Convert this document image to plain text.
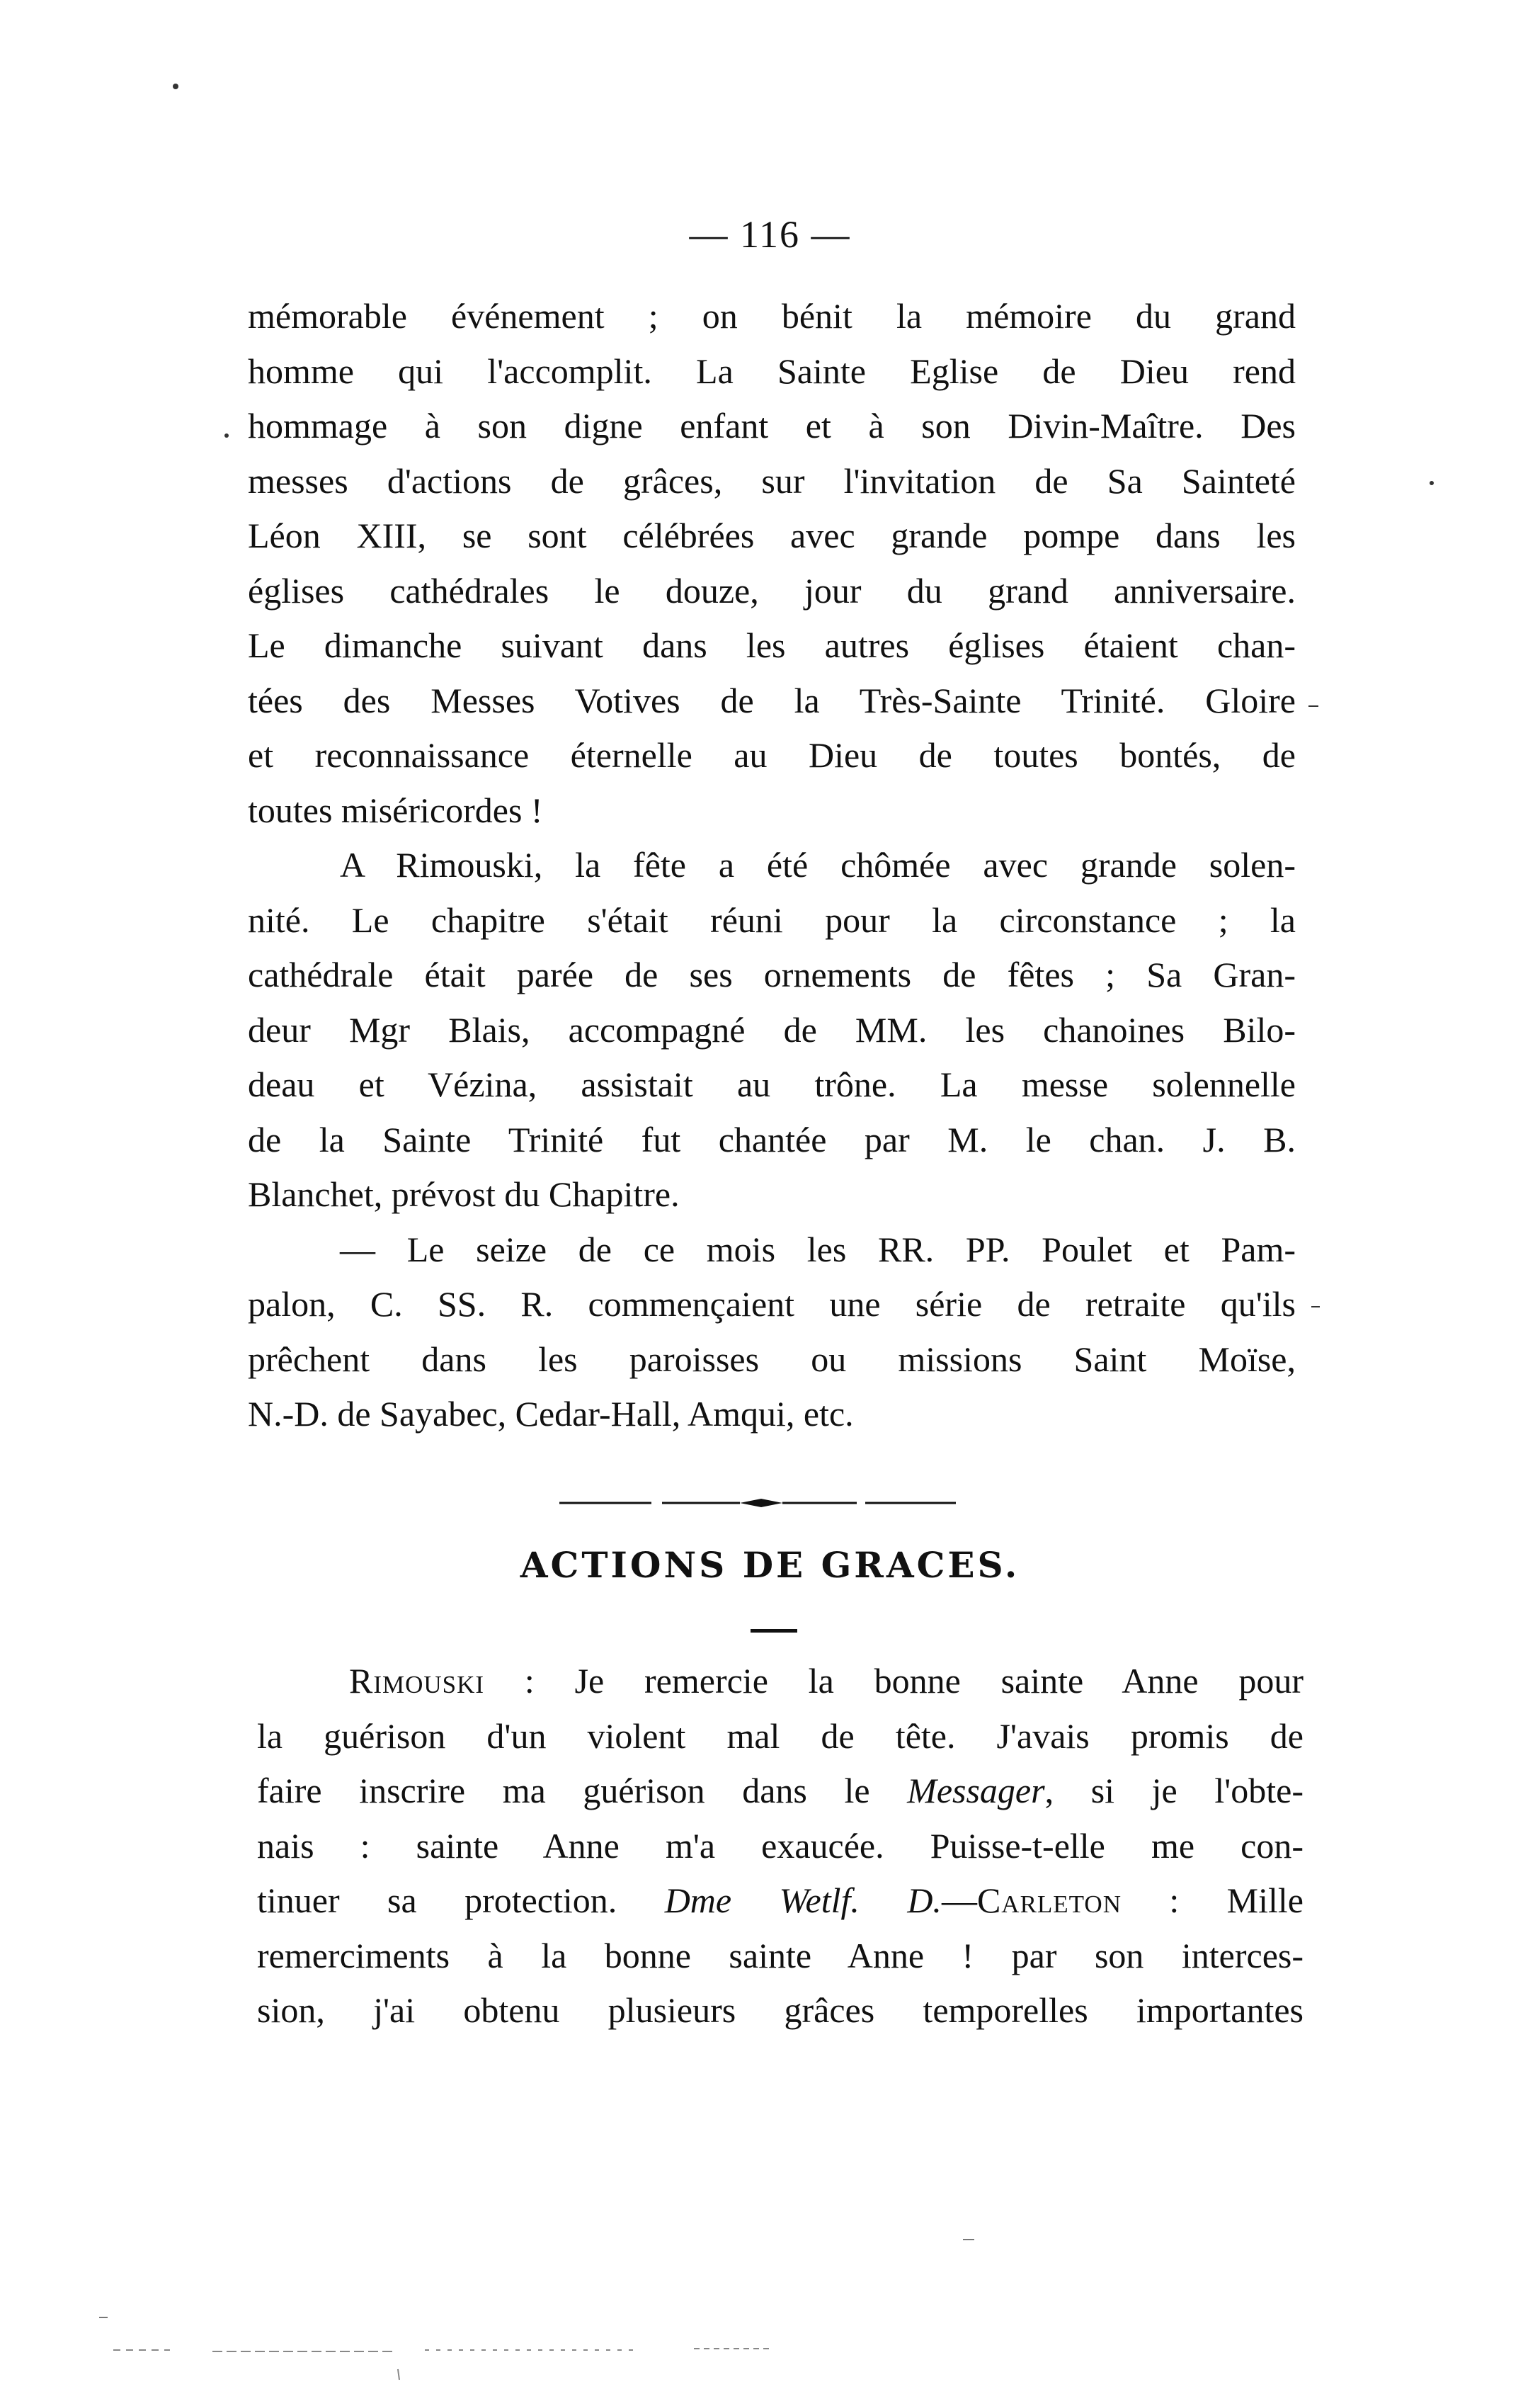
— 116 —
mémorable événement ; on bénit la mémoire du grand
homme qui l'accomplit. La Sainte Eglise de Dieu rend
hommage à son digne enfant et à son Divin-Maître. Des
messes d'actions de grâces, sur l'invitation de Sa Sainteté
Léon XIII, se sont célébrées avec grande pompe dans les
églises cathédrales le douze, jour du grand anniversaire.
Le dimanche suivant dans les autres églises étaient chan-
tées des Messes Votives de la Très-Sainte Trinité. Gloire
et reconnaissance éternelle au Dieu de toutes bontés, de
toutes miséricordes !
A Rimouski, la fête a été chômée avec grande solen-
nité. Le chapitre s'était réuni pour la circonstance ; la
cathédrale était parée de ses ornements de fêtes ; Sa Gran-
deur Mgr Blais, accompagné de MM. les chanoines Bilo-
deau et Vézina, assistait au trône. La messe solennelle
de la Sainte Trinité fut chantée par M. le chan. J. B.
Blanchet, prévost du Chapitre.
— Le seize de ce mois les RR. PP. Poulet et Pam-
palon, C. SS. R. commençaient une série de retraite qu'ils
prêchent dans les paroisses ou missions Saint Moïse,
N.-D. de Sayabec, Cedar-Hall, Amqui, etc.
ACTIONS DE GRACES.
Rimouski : Je remercie la bonne sainte Anne pour
la guérison d'un violent mal de tête. J'avais promis de
faire inscrire ma guérison dans le Messager, si je l'obte-
nais : sainte Anne m'a exaucée. Puisse-t-elle me con-
tinuer sa protection. Dme Wetlf. D.—Carleton : Mille
remerciments à la bonne sainte Anne ! par son interces-
sion, j'ai obtenu plusieurs grâces temporelles importantes
